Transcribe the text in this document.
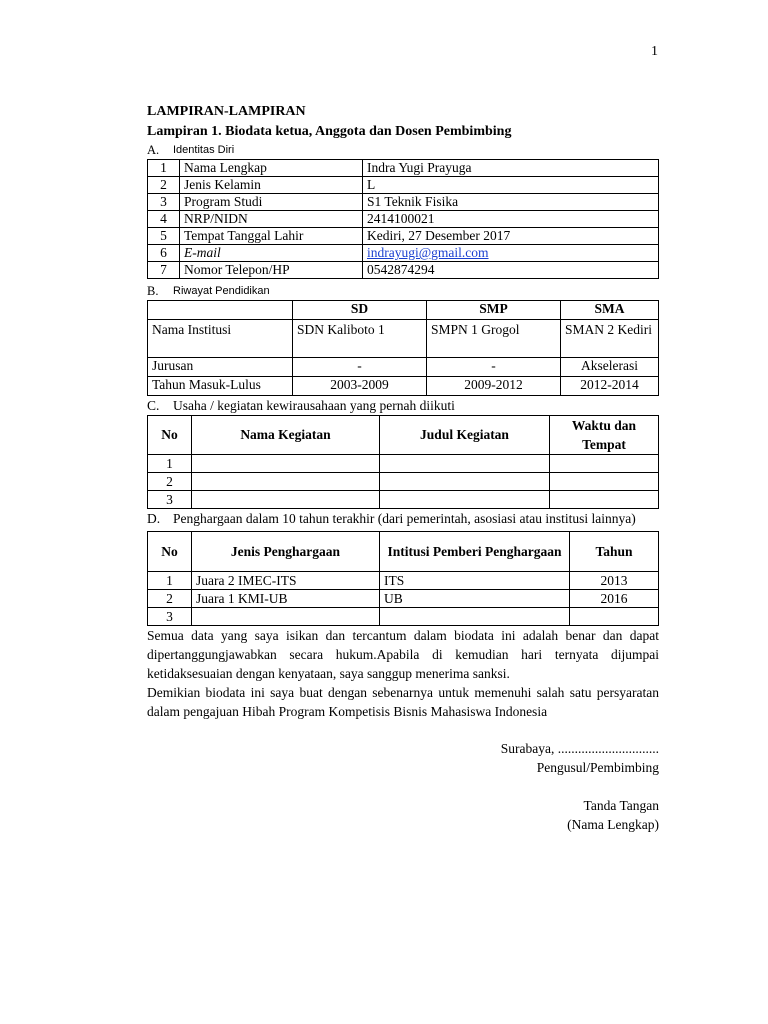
1
LAMPIRAN-LAMPIRAN
Lampiran 1. Biodata ketua, Anggota dan Dosen Pembimbing
A.	Identitas Diri
1	Nama Lengkap	Indra Yugi Prayuga
2	Jenis Kelamin	L
3	Program Studi	S1 Teknik Fisika
4	NRP/NIDN	2414100021
5	Tempat Tanggal Lahir	Kediri, 27 Desember 2017
6	E-mail	indrayugi@gmail.com
7	Nomor Telepon/HP	0542874294
B.	Riwayat Pendidikan
	SD	SMP	SMA
Nama Institusi	SDN Kaliboto 1	SMPN 1 Grogol	SMAN 2 Kediri
Jurusan	-	-	Akselerasi
Tahun Masuk-Lulus	2003-2009	2009-2012	2012-2014
C.	Usaha / kegiatan kewirausahaan yang pernah diikuti
No	Nama Kegiatan	Judul Kegiatan	Waktu dan Tempat
1			
2			
3			
D. Penghargaan dalam 10 tahun terakhir (dari pemerintah, asosiasi atau institusi lainnya)
No	Jenis Penghargaan	Intitusi Pemberi Penghargaan	Tahun
1	Juara 2 IMEC-ITS	ITS	2013
2	Juara 1 KMI-UB	UB	2016
3			
Semua data yang saya isikan dan tercantum dalam biodata ini adalah benar dan dapat dipertanggungjawabkan secara hukum.Apabila di kemudian hari ternyata dijumpai ketidaksesuaian dengan kenyataan, saya sanggup menerima sanksi.
Demikian biodata ini saya buat dengan sebenarnya untuk memenuhi salah satu persyaratan dalam pengajuan Hibah Program Kompetisis Bisnis Mahasiswa Indonesia
Surabaya, ..............................
Pengusul/Pembimbing
Tanda Tangan
(Nama Lengkap)
